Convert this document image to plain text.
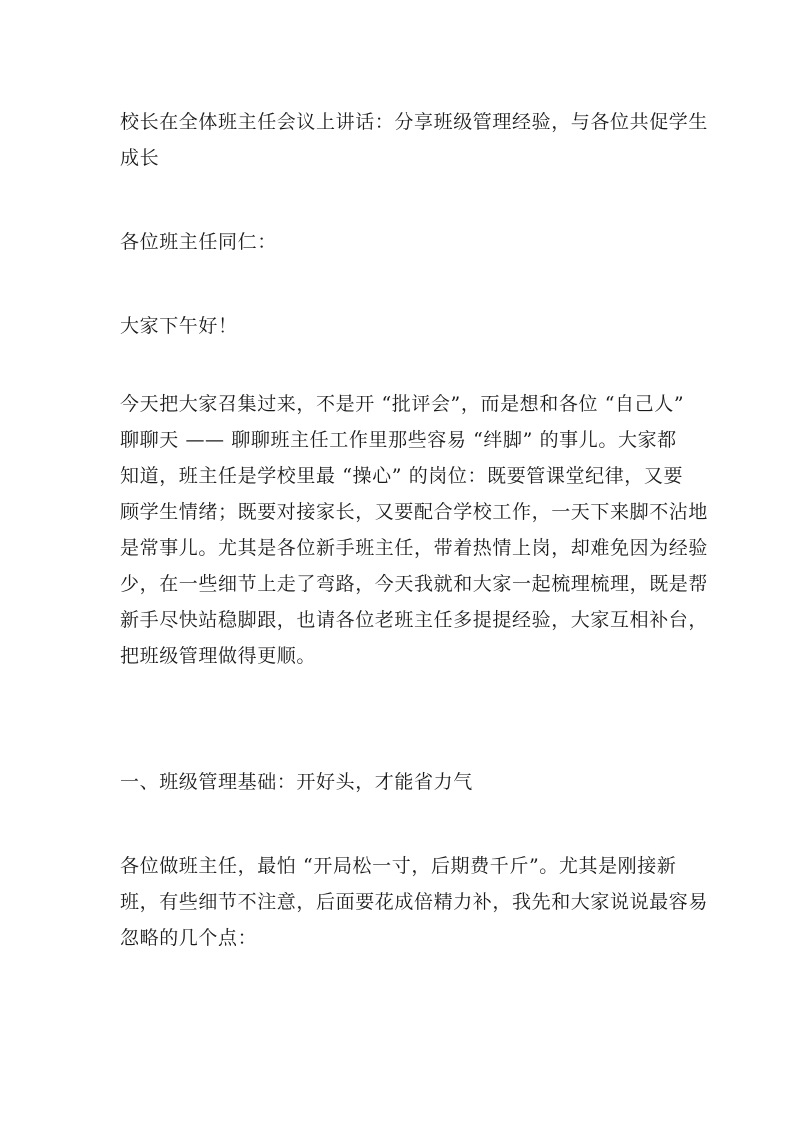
校长在全体班主任会议上讲话：分享班级管理经验，与各位共促学生
成长
各位班主任同仁：
大家下午好！
今天把大家召集过来，不是开 “批评会”，而是想和各位 “自己人”
聊聊天 —— 聊聊班主任工作里那些容易 “绊脚” 的事儿。大家都
知道，班主任是学校里最 “操心” 的岗位：既要管课堂纪律，又要
顾学生情绪；既要对接家长，又要配合学校工作，一天下来脚不沾地
是常事儿。尤其是各位新手班主任，带着热情上岗，却难免因为经验
少，在一些细节上走了弯路，今天我就和大家一起梳理梳理，既是帮
新手尽快站稳脚跟，也请各位老班主任多提提经验，大家互相补台，
把班级管理做得更顺。
一、班级管理基础：开好头，才能省力气
各位做班主任，最怕 “开局松一寸，后期费千斤”。尤其是刚接新
班，有些细节不注意，后面要花成倍精力补，我先和大家说说最容易
忽略的几个点：
